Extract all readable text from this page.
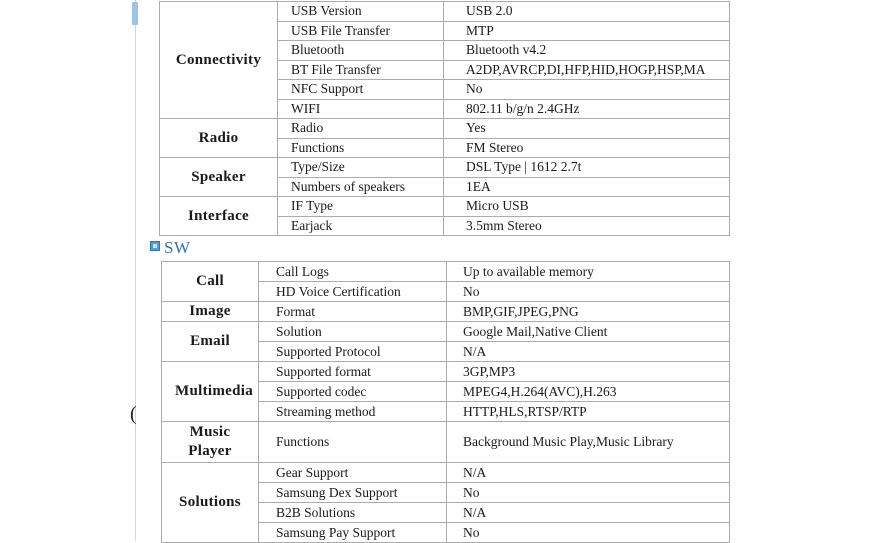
(
Connectivity	USB Version	USB 2.0
	USB File Transfer	MTP
	Bluetooth	Bluetooth v4.2
	BT File Transfer	A2DP,AVRCP,DI,HFP,HID,HOGP,HSP,MA
	NFC Support	No
	WIFI	802.11 b/g/n 2.4GHz
Radio	Radio	Yes
	Functions	FM Stereo
Speaker	Type/Size	DSL Type | 1612 2.7t
	Numbers of speakers	1EA
Interface	IF Type	Micro USB
	Earjack	3.5mm Stereo
SW
Call	Call Logs	Up to available memory
	HD Voice Certification	No
Image	Format	BMP,GIF,JPEG,PNG
Email	Solution	Google Mail,Native Client
	Supported Protocol	N/A
Multimedia	Supported format	3GP,MP3
	Supported codec	MPEG4,H.264(AVC),H.263
	Streaming method	HTTP,HLS,RTSP/RTP
Music Player	Functions	Background Music Play,Music Library
Solutions	Gear Support	N/A
	Samsung Dex Support	No
	B2B Solutions	N/A
	Samsung Pay Support	No
